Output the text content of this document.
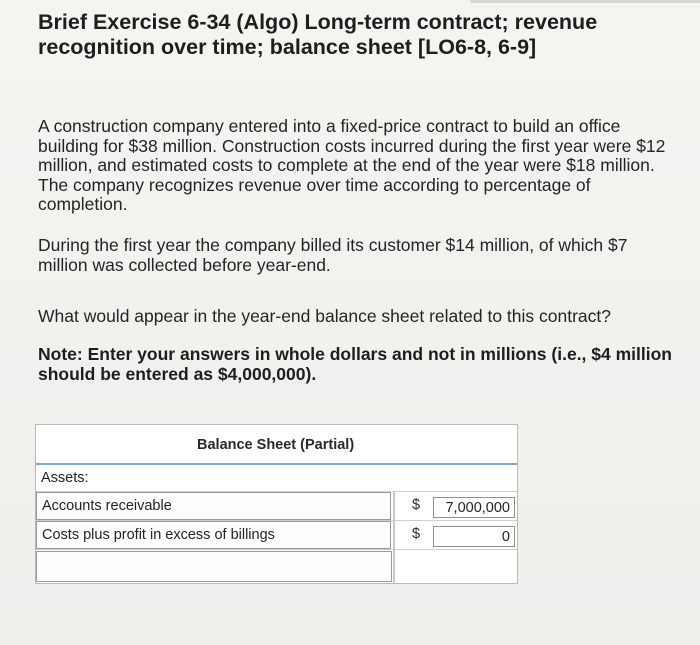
Brief Exercise 6-34 (Algo) Long-term contract; revenue recognition over time; balance sheet [LO6-8, 6-9]
A construction company entered into a fixed-price contract to build an office building for $38 million. Construction costs incurred during the first year were $12 million, and estimated costs to complete at the end of the year were $18 million. The company recognizes revenue over time according to percentage of completion.
During the first year the company billed its customer $14 million, of which $7 million was collected before year-end.
What would appear in the year-end balance sheet related to this contract?
Note: Enter your answers in whole dollars and not in millions (i.e., $4 million should be entered as $4,000,000).
Balance Sheet (Partial)
Assets:
Accounts receivable
Costs plus profit in excess of billings
$	7,000,000
$	0
